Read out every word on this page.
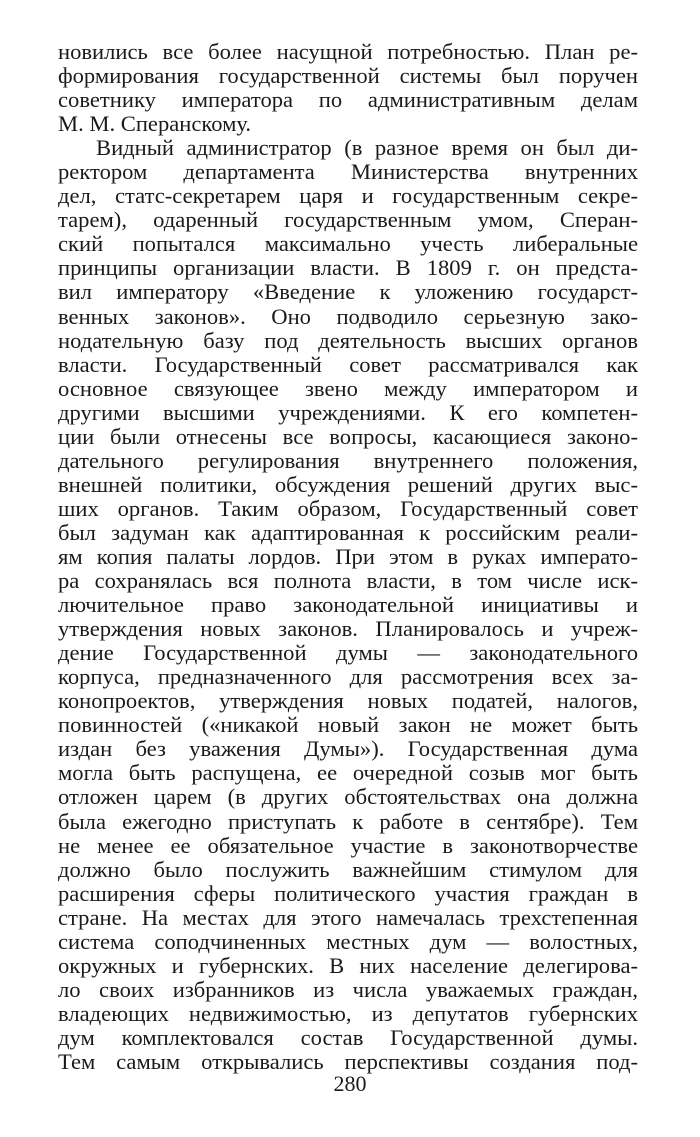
новились все более насущной потребностью. План ре-
формирования государственной системы был поручен
советнику императора по административным делам
М. М. Сперанскому.
Видный администратор (в разное время он был ди-
ректором департамента Министерства внутренних
дел, статс-секретарем царя и государственным секре-
тарем), одаренный государственным умом, Сперан-
ский попытался максимально учесть либеральные
принципы организации власти. В 1809 г. он предста-
вил императору «Введение к уложению государст-
венных законов». Оно подводило серьезную зако-
нодательную базу под деятельность высших органов
власти. Государственный совет рассматривался как
основное связующее звено между императором и
другими высшими учреждениями. К его компетен-
ции были отнесены все вопросы, касающиеся законо-
дательного регулирования внутреннего положения,
внешней политики, обсуждения решений других выс-
ших органов. Таким образом, Государственный совет
был задуман как адаптированная к российским реали-
ям копия палаты лордов. При этом в руках императо-
ра сохранялась вся полнота власти, в том числе иск-
лючительное право законодательной инициативы и
утверждения новых законов. Планировалось и учреж-
дение Государственной думы — законодательного
корпуса, предназначенного для рассмотрения всех за-
конопроектов, утверждения новых податей, налогов,
повинностей («никакой новый закон не может быть
издан без уважения Думы»). Государственная дума
могла быть распущена, ее очередной созыв мог быть
отложен царем (в других обстоятельствах она должна
была ежегодно приступать к работе в сентябре). Тем
не менее ее обязательное участие в законотворчестве
должно было послужить важнейшим стимулом для
расширения сферы политического участия граждан в
стране. На местах для этого намечалась трехстепенная
система соподчиненных местных дум — волостных,
окружных и губернских. В них население делегирова-
ло своих избранников из числа уважаемых граждан,
владеющих недвижимостью, из депутатов губернских
дум комплектовался состав Государственной думы.
Тем самым открывались перспективы создания под-
280
